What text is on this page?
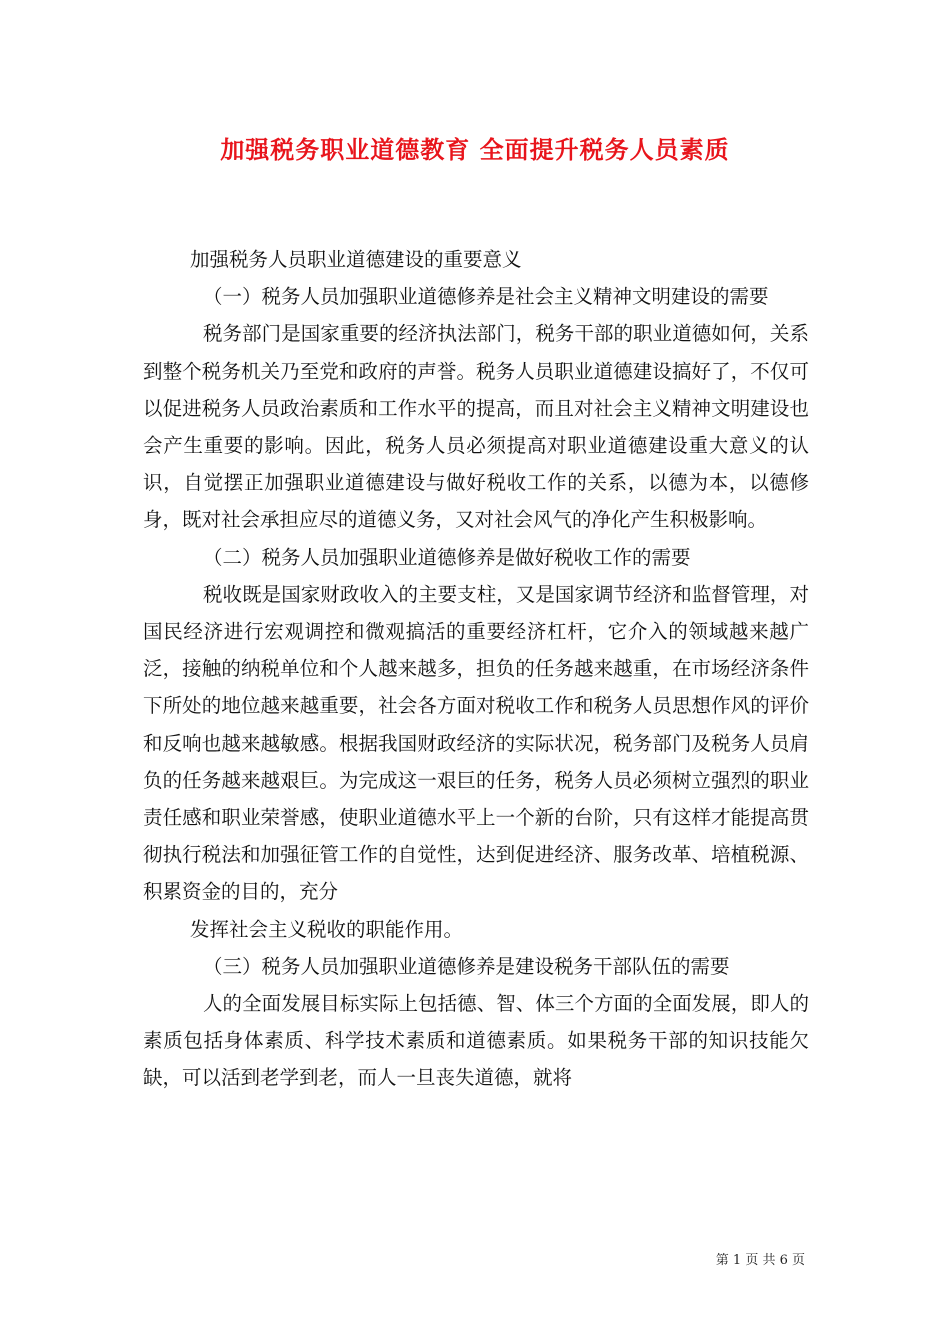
加强税务职业道德教育 全面提升税务人员素质

加强税务人员职业道德建设的重要意义

（一）税务人员加强职业道德修养是社会主义精神文明建设的需要

税务部门是国家重要的经济执法部门，税务干部的职业道德如何，关系到整个税务机关乃至党和政府的声誉。税务人员职业道德建设搞好了，不仅可以促进税务人员政治素质和工作水平的提高，而且对社会主义精神文明建设也会产生重要的影响。因此，税务人员必须提高对职业道德建设重大意义的认识，自觉摆正加强职业道德建设与做好税收工作的关系，以德为本，以德修身，既对社会承担应尽的道德义务，又对社会风气的净化产生积极影响。

（二）税务人员加强职业道德修养是做好税收工作的需要

税收既是国家财政收入的主要支柱，又是国家调节经济和监督管理，对国民经济进行宏观调控和微观搞活的重要经济杠杆，它介入的领域越来越广泛，接触的纳税单位和个人越来越多，担负的任务越来越重，在市场经济条件下所处的地位越来越重要，社会各方面对税收工作和税务人员思想作风的评价和反响也越来越敏感。根据我国财政经济的实际状况，税务部门及税务人员肩负的任务越来越艰巨。为完成这一艰巨的任务，税务人员必须树立强烈的职业责任感和职业荣誉感，使职业道德水平上一个新的台阶，只有这样才能提高贯彻执行税法和加强征管工作的自觉性，达到促进经济、服务改革、培植税源、积累资金的目的，充分

发挥社会主义税收的职能作用。

（三）税务人员加强职业道德修养是建设税务干部队伍的需要

人的全面发展目标实际上包括德、智、体三个方面的全面发展，即人的素质包括身体素质、科学技术素质和道德素质。如果税务干部的知识技能欠缺，可以活到老学到老，而人一旦丧失道德，就将

第 1 页 共 6 页
